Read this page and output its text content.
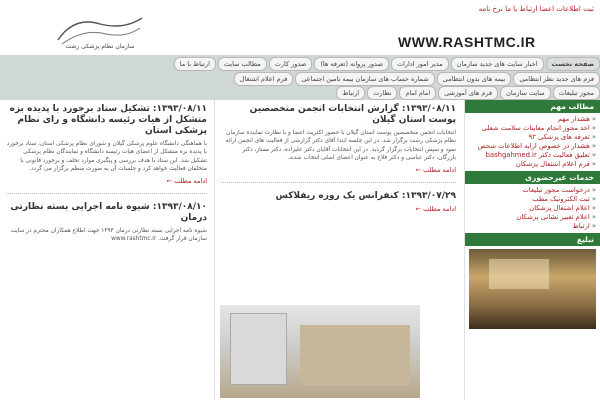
ثبت اطلاعات اعضا ارتباط با ما نرخ نامه
سازمان نظام پزشکی رشت	WWW.RASHTMC.IR
صفحه نخست
اخبار سایت های جدید سازمان
مدیر امور ادارات
صدور پروانه (تعرفه ها)
صدور کارت
مطالب سایت
ارتباط با ما
فرم های جدید نظر انتظامی
بیمه های بدون انتظامی
شماره حساب های سازمان بیمه تامین اجتماعی
فرم اعلام اشتغال
مجوز تبلیغات
سایت سازمان
فرم های آموزشی
امام امام
نظارت
ارتباط
مطالب مهم
« هشدار مهم
« اخذ مجوز انجام معاینات سلامت شغلی
« تعرفه های پزشکی ۹۳
« هشدار در خصوص ارایه اطلاعات شخص
« تعلیق فعالیت دکتر bashgahmed.ir
« فرم اعلام اشتغال پزشکان
خدمات غیرحضوری
« درخواست مجوز تبلیغات
« ثبت الکترونیک مطب
« اعلام اشتغال پزشکان
« اعلام تغییر نشانی پزشکان
« ارتباط
تبلیغ
۱۳۹۳/۰۸/۱۱: گزارش انتخابات انجمن متخصصین پوست استان گیلان
انتخابات انجمن متخصصین پوست استان گیلان با حضور اکثریت اعضا و با نظارت نماینده سازمان نظام پزشکی رشت برگزار شد. در این جلسه ابتدا آقای دکتر گزارشی از فعالیت های انجمن ارائه نمود و سپس انتخابات برگزار گردید. در این انتخابات آقایان دکتر علیزاده، دکتر ممتاز، دکتر بازرگان، دکتر عباسی و دکتر فلاح به عنوان اعضای اصلی انتخاب شدند.
ادامه مطلب ←
۱۳۹۳/۰۷/۲۹: کنفرانس یک روزه ریفلاکس
ادامه مطلب ←
۱۳۹۳/۰۸/۱۱: تشکیل ستاد برخورد با پدیده بزه متشکل از هیات رئیسه دانشگاه و رای نظام پزشکی استان
با هماهنگی دانشگاه علوم پزشکی گیلان و شورای نظام پزشکی استان، ستاد برخورد با پدیده بزه متشکل از اعضای هیات رئیسه دانشگاه و نمایندگان نظام پزشکی تشکیل شد. این ستاد با هدف بررسی و پیگیری موارد تخلف و برخورد قانونی با متخلفان فعالیت خواهد کرد و جلسات آن به صورت منظم برگزار می گردد.
ادامه مطلب ←
۱۳۹۳/۰۸/۱۰: شیوه نامه اجرایی بسته نظارتی درمان
شیوه نامه اجرایی بسته نظارتی درمان ۱۳۹۳ جهت اطلاع همکاران محترم در سایت سازمان قرار گرفت. www.rashtmc.ir
